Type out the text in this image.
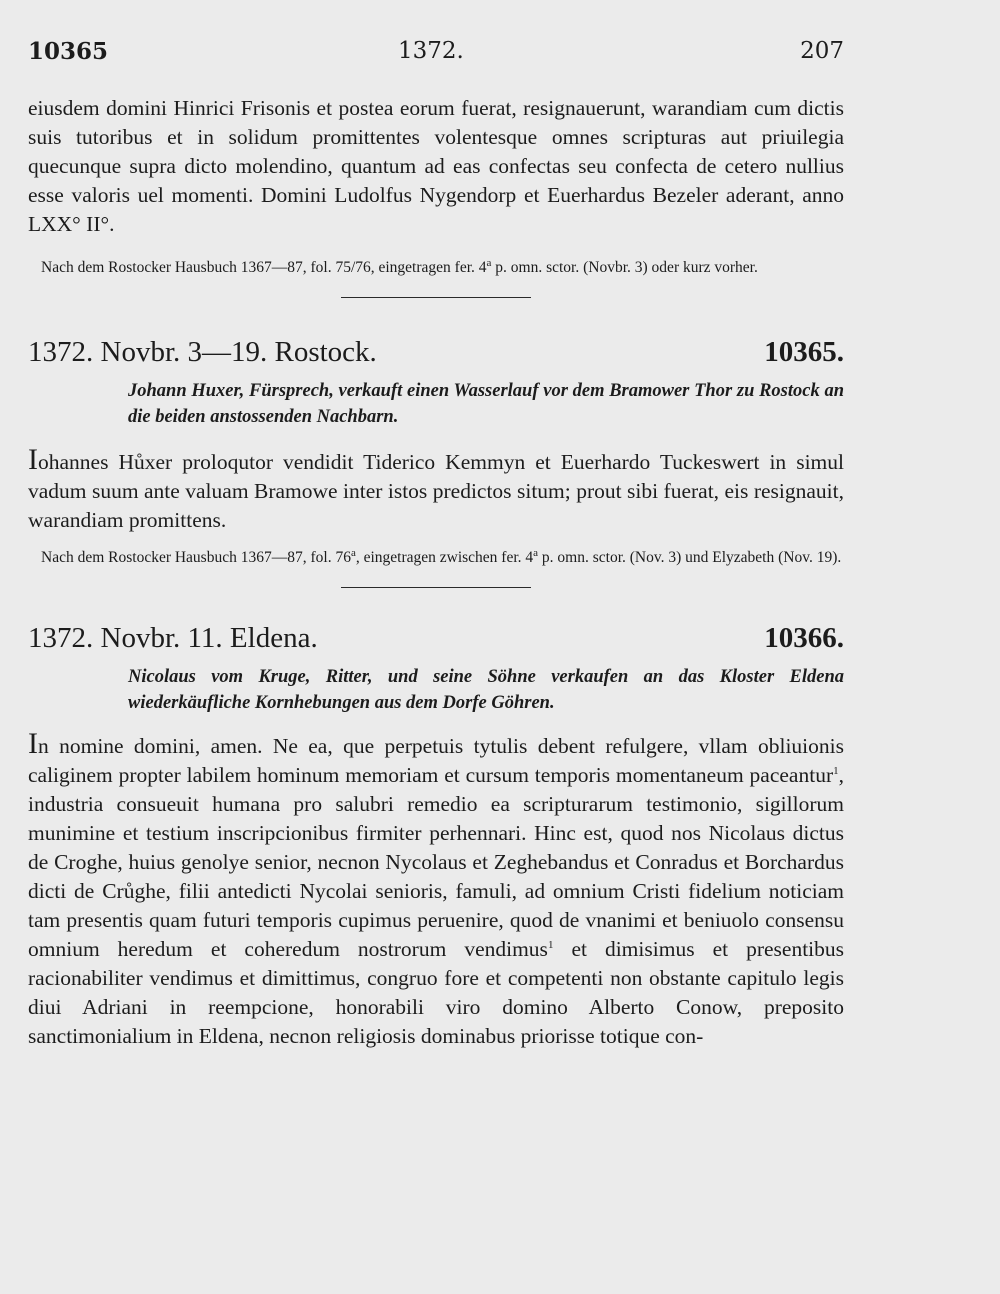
10365	1372.	207

eiusdem domini Hinrici Frisonis et postea eorum fuerat, resignauerunt, warandiam cum dictis suis tutoribus et in solidum promittentes volentesque omnes scripturas aut priuilegia quecunque supra dicto molendino, quantum ad eas confectas seu confecta de cetero nullius esse valoris uel momenti. Domini Ludolfus Nygendorp et Euerhardus Bezeler aderant, anno LXX° II°.

Nach dem Rostocker Hausbuch 1367—87, fol. 75/76, eingetragen fer. 4$^a$ p. omn. sctor. (Novbr. 3) oder kurz vorher.

1372. Novbr. 3—19. Rostock.	10365.

Johann Huxer, Fürsprech, verkauft einen Wasserlauf vor dem Bramower Thor zu Rostock an die beiden anstossenden Nachbarn.

Iohannes Hůxer proloqutor vendidit Tiderico Kemmyn et Euerhardo Tuckeswert in simul vadum suum ante valuam Bramowe inter istos predictos situm; prout sibi fuerat, eis resignauit, warandiam promittens.

Nach dem Rostocker Hausbuch 1367—87, fol. 76$^a$, eingetragen zwischen fer. 4$^a$ p. omn. sctor. (Nov. 3) und Elyzabeth (Nov. 19).

1372. Novbr. 11. Eldena.	10366.

Nicolaus vom Kruge, Ritter, und seine Söhne verkaufen an das Kloster Eldena wiederkäufliche Kornhebungen aus dem Dorfe Göhren.

In nomine domini, amen. Ne ea, que perpetuis tytulis debent refulgere, vllam obliuionis caliginem propter labilem hominum memoriam et cursum temporis momentaneum paceantur$^1$, industria consueuit humana pro salubri remedio ea scripturarum testimonio, sigillorum munimine et testium inscripcionibus firmiter perhennari. Hinc est, quod nos Nicolaus dictus de Croghe, huius genolye senior, necnon Nycolaus et Zeghebandus et Conradus et Borchardus dicti de Crůghe, filii antedicti Nycolai senioris, famuli, ad omnium Cristi fidelium noticiam tam presentis quam futuri temporis cupimus peruenire, quod de vnanimi et beniuolo consensu omnium heredum et coheredum nostrorum vendimus$^1$ et dimisimus et presentibus racionabiliter vendimus et dimittimus, congruo fore et competenti non obstante capitulo legis diui Adriani in reempcione, honorabili viro domino Alberto Conow, preposito sanctimonialium in Eldena, necnon religiosis dominabus priorisse totique con-
